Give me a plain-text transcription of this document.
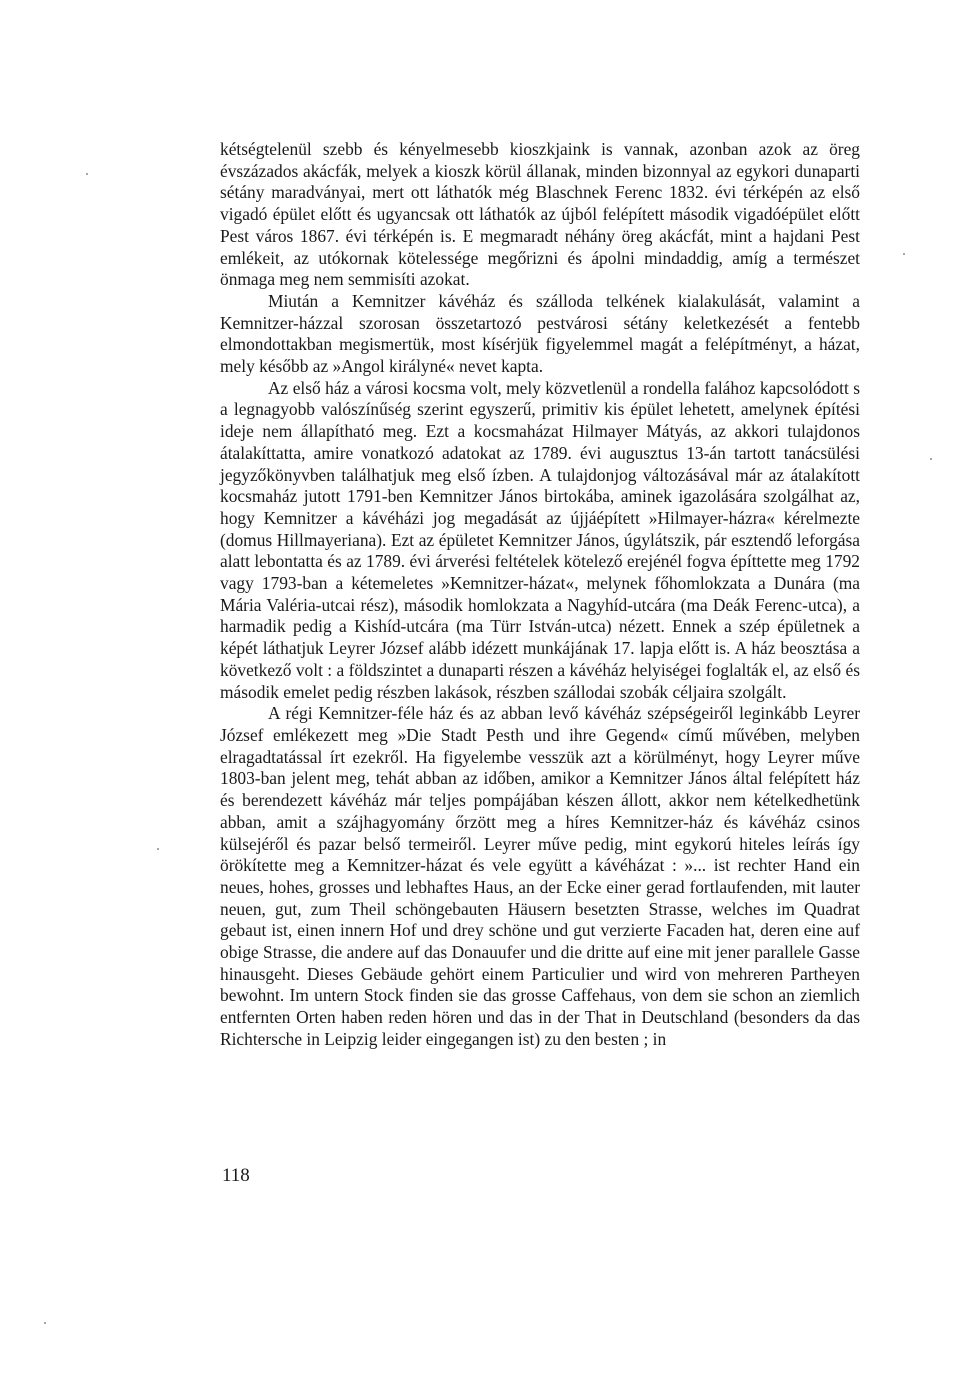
kétségtelenül szebb és kényelmesebb kioszkjaink is vannak, azonban azok az öreg évszázados akácfák, melyek a kioszk körül állanak, minden bizonnyal az egykori dunaparti sétány maradványai, mert ott láthatók még Blaschnek Ferenc 1832. évi térképén az első vigadó épület előtt és ugyancsak ott láthatók az újból felépített második vigadóépület előtt Pest város 1867. évi térképén is. E megmaradt néhány öreg akácfát, mint a hajdani Pest emlékeit, az utókornak kötelessége megőrizni és ápolni mindaddig, amíg a természet önmaga meg nem semmisíti azokat.

Miután a Kemnitzer kávéház és szálloda telkének kialakulását, valamint a Kemnitzer-házzal szorosan összetartozó pestvárosi sétány keletkezését a fentebb elmondottakban megismertük, most kísérjük figyelemmel magát a felépítményt, a házat, mely később az »Angol királyné« nevet kapta.

Az első ház a városi kocsma volt, mely közvetlenül a rondella falához kapcsolódott s a legnagyobb valószínűség szerint egyszerű, primitiv kis épület lehetett, amelynek építési ideje nem állapítható meg. Ezt a kocsmaházat Hilmayer Mátyás, az akkori tulajdonos átalakíttatta, amire vonatkozó adatokat az 1789. évi augusztus 13-án tartott tanácsülési jegyzőkönyvben találhatjuk meg első ízben. A tulajdonjog változásával már az átalakított kocsmaház jutott 1791-ben Kemnitzer János birtokába, aminek igazolására szolgálhat az, hogy Kemnitzer a kávéházi jog megadását az újjáépített »Hilmayer-házra« kérelmezte (domus Hillmayeriana). Ezt az épületet Kemnitzer János, úgylátszik, pár esztendő leforgása alatt lebontatta és az 1789. évi árverési feltételek kötelező erejénél fogva építtette meg 1792 vagy 1793-ban a kétemeletes »Kemnitzer-házat«, melynek főhomlokzata a Dunára (ma Mária Valéria-utcai rész), második homlokzata a Nagyhíd-utcára (ma Deák Ferenc-utca), a harmadik pedig a Kishíd-utcára (ma Türr István-utca) nézett. Ennek a szép épületnek a képét láthatjuk Leyrer József alább idézett munkájának 17. lapja előtt is. A ház beosztása a következő volt : a földszintet a dunaparti részen a kávéház helyiségei foglalták el, az első és második emelet pedig részben lakások, részben szállodai szobák céljaira szolgált.

A régi Kemnitzer-féle ház és az abban levő kávéház szépségeiről leginkább Leyrer József emlékezett meg »Die Stadt Pesth und ihre Gegend« című művében, melyben elragadtatással írt ezekről. Ha figyelembe vesszük azt a körülményt, hogy Leyrer műve 1803-ban jelent meg, tehát abban az időben, amikor a Kemnitzer János által felépített ház és berendezett kávéház már teljes pompájában készen állott, akkor nem kételkedhetünk abban, amit a szájhagyomány őrzött meg a híres Kemnitzer-ház és kávéház csinos külsejéről és pazar belső termeiről. Leyrer műve pedig, mint egykorú hiteles leírás így örökítette meg a Kemnitzer-házat és vele együtt a kávéházat : »... ist rechter Hand ein neues, hohes, grosses und lebhaftes Haus, an der Ecke einer gerad fortlaufenden, mit lauter neuen, gut, zum Theil schöngebauten Häusern besetzten Strasse, welches im Quadrat gebaut ist, einen innern Hof und drey schöne und gut verzierte Facaden hat, deren eine auf obige Strasse, die andere auf das Donauufer und die dritte auf eine mit jener parallele Gasse hinausgeht. Dieses Gebäude gehört einem Particulier und wird von mehreren Partheyen bewohnt. Im untern Stock finden sie das grosse Caffehaus, von dem sie schon an ziemlich entfernten Orten haben reden hören und das in der That in Deutschland (besonders da das Richtersche in Leipzig leider eingegangen ist) zu den besten ; in

118
